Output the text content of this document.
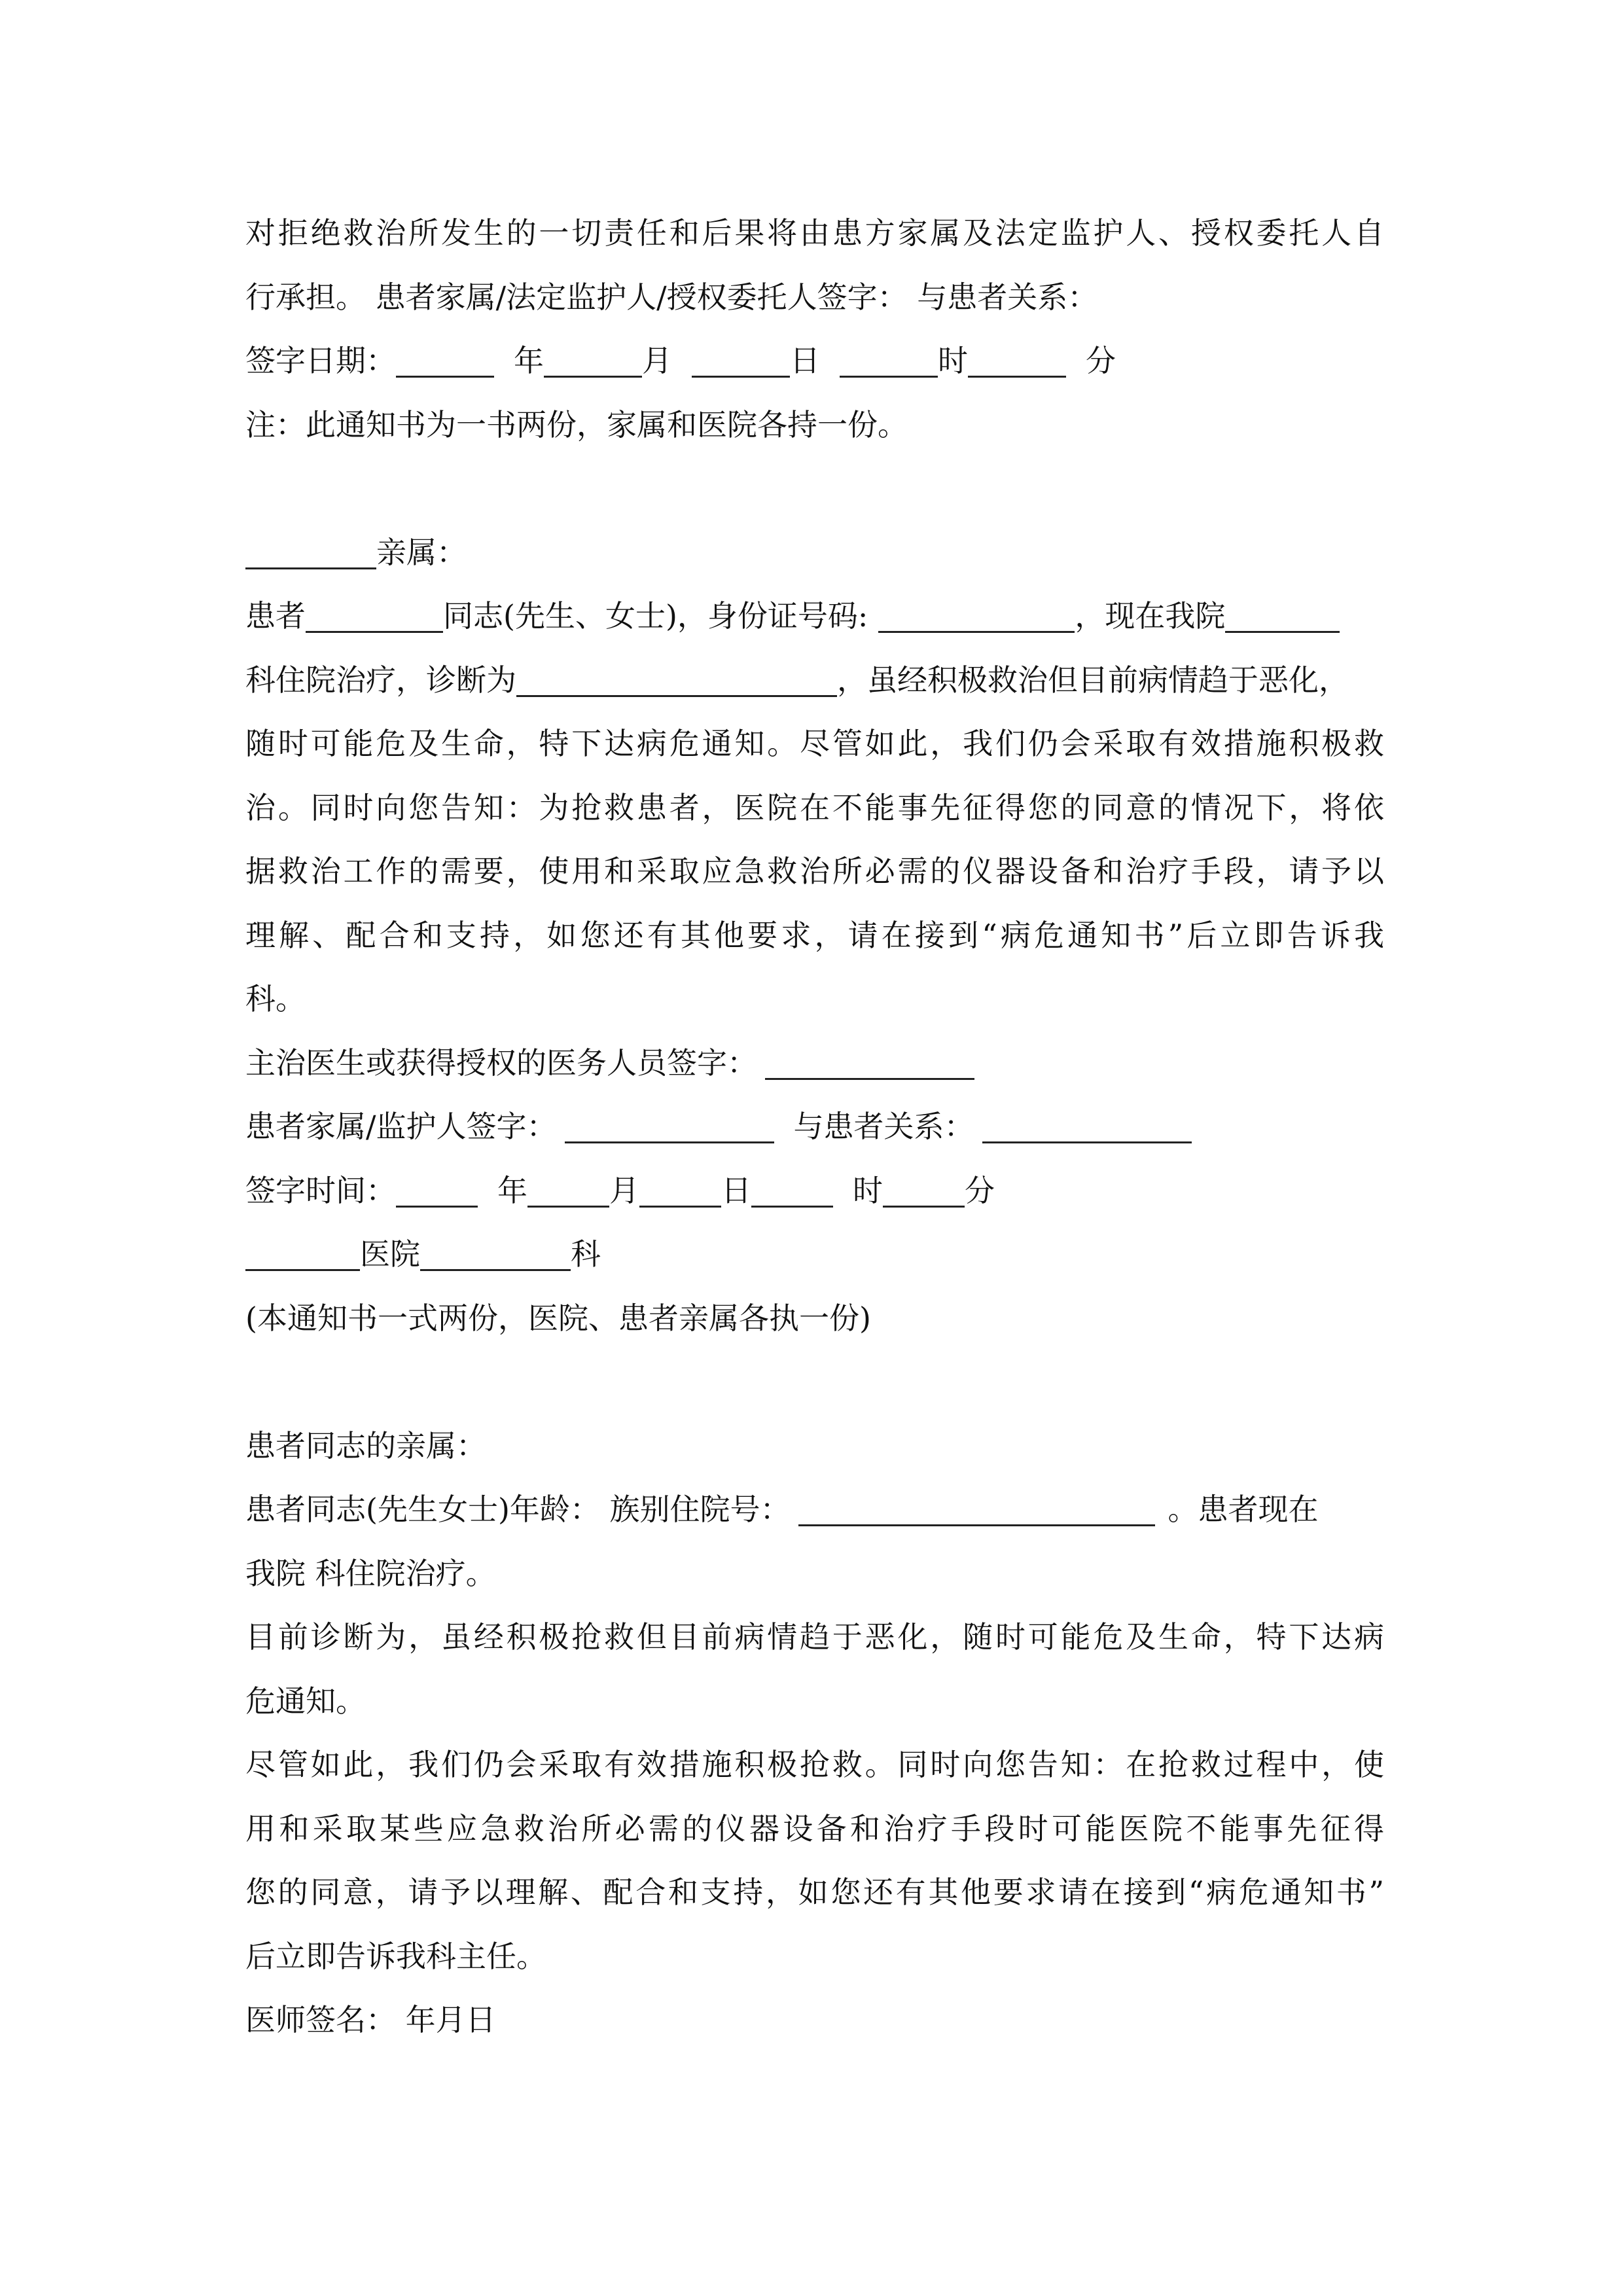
对拒绝救治所发生的一切责任和后果将由患方家属及法定监护人、授权委托人自
行承担。 患者家属/法定监护人/授权委托人签字： 与患者关系：
签字日期：	年	月	日	时	分
注：此通知书为一书两份，家属和医院各持一份。
亲属：
患者	同志(先生、女士)，身份证号码:	，现在我院
科住院治疗，诊断为	，虽经积极救治但目前病情趋于恶化，
随时可能危及生命，特下达病危通知。尽管如此，我们仍会采取有效措施积极救
治。同时向您告知：为抢救患者，医院在不能事先征得您的同意的情况下，将依
据救治工作的需要，使用和采取应急救治所必需的仪器设备和治疗手段，请予以
理解、配合和支持，如您还有其他要求，请在接到“病危通知书”后立即告诉我
科。
主治医生或获得授权的医务人员签字：
患者家属/监护人签字：	与患者关系：
签字时间：	年	月	日	时	分
医院	科
(本通知书一式两份，医院、患者亲属各执一份)
患者同志的亲属：
患者同志(先生女士)年龄： 族别住院号：	。患者现在
我院 科住院治疗。
目前诊断为，虽经积极抢救但目前病情趋于恶化，随时可能危及生命，特下达病
危通知。
尽管如此，我们仍会采取有效措施积极抢救。同时向您告知：在抢救过程中，使
用和采取某些应急救治所必需的仪器设备和治疗手段时可能医院不能事先征得
您的同意，请予以理解、配合和支持，如您还有其他要求请在接到“病危通知书”
后立即告诉我科主任。
医师签名： 年月日
